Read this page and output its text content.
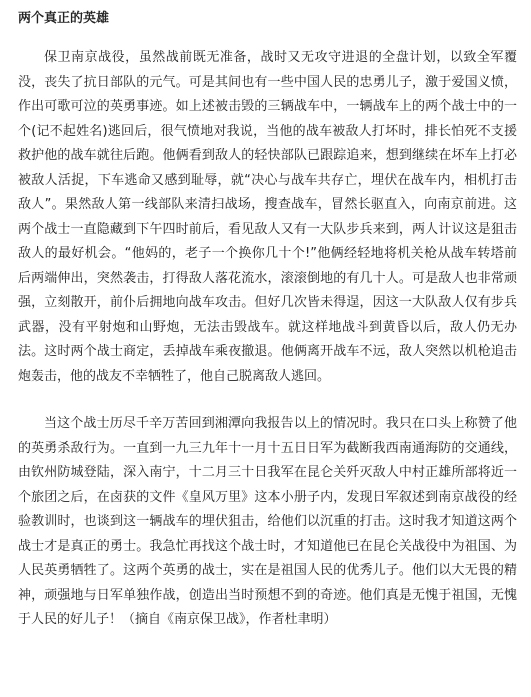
两个真正的英雄

保卫南京战役，虽然战前既无准备，战时又无攻守进退的全盘计划，以致全军覆没，丧失了抗日部队的元气。可是其间也有一些中国人民的忠勇儿子，激于爱国义愤，作出可歌可泣的英勇事迹。如上述被击毁的三辆战车中，一辆战车上的两个战士中的一个(记不起姓名)逃回后，很气愤地对我说，当他的战车被敌人打坏时，排长怕死不支援救护他的战车就往后跑。他俩看到敌人的轻快部队已跟踪追来，想到继续在坏车上打必被敌人活捉，下车逃命又感到耻辱，就“决心与战车共存亡，埋伏在战车内，相机打击敌人”。果然敌人第一线部队来清扫战场，搜查战车，冒然长驱直入，向南京前进。这两个战士一直隐藏到下午四时前后，看见敌人又有一大队步兵来到，两人计议这是狙击敌人的最好机会。“他妈的，老子一个换你几十个!”他俩经轻地将机关枪从战车转塔前后两端伸出，突然袭击，打得敌人落花流水，滚滚倒地的有几十人。可是敌人也非常顽强，立刻散开，前仆后拥地向战车攻击。但好几次皆未得逞，因这一大队敌人仅有步兵武器，没有平射炮和山野炮，无法击毁战车。就这样地战斗到黄昏以后，敌人仍无办法。这时两个战士商定，丢掉战车乘夜撤退。他俩离开战车不远，敌人突然以机枪追击炮轰击，他的战友不幸牺牲了，他自己脱离敌人逃回。

当这个战士历尽千辛万苦回到湘潭向我报告以上的情况时。我只在口头上称赞了他的英勇杀敌行为。一直到一九三九年十一月十五日日军为截断我西南通海防的交通线，由钦州防城登陆，深入南宁，十二月三十日我军在昆仑关歼灭敌人中村正雄所部将近一个旅团之后，在卤获的文件《皇风万里》这本小册子内，发现日军叙述到南京战役的经验教训时，也谈到这一辆战车的埋伏狙击，给他们以沉重的打击。这时我才知道这两个战士才是真正的勇士。我急忙再找这个战士时，才知道他已在昆仑关战役中为祖国、为人民英勇牺牲了。这两个英勇的战士，实在是祖国人民的优秀儿子。他们以大无畏的精神，顽强地与日军单独作战，创造出当时预想不到的奇迹。他们真是无愧于祖国，无愧于人民的好儿子！（摘自《南京保卫战》，作者杜聿明）
